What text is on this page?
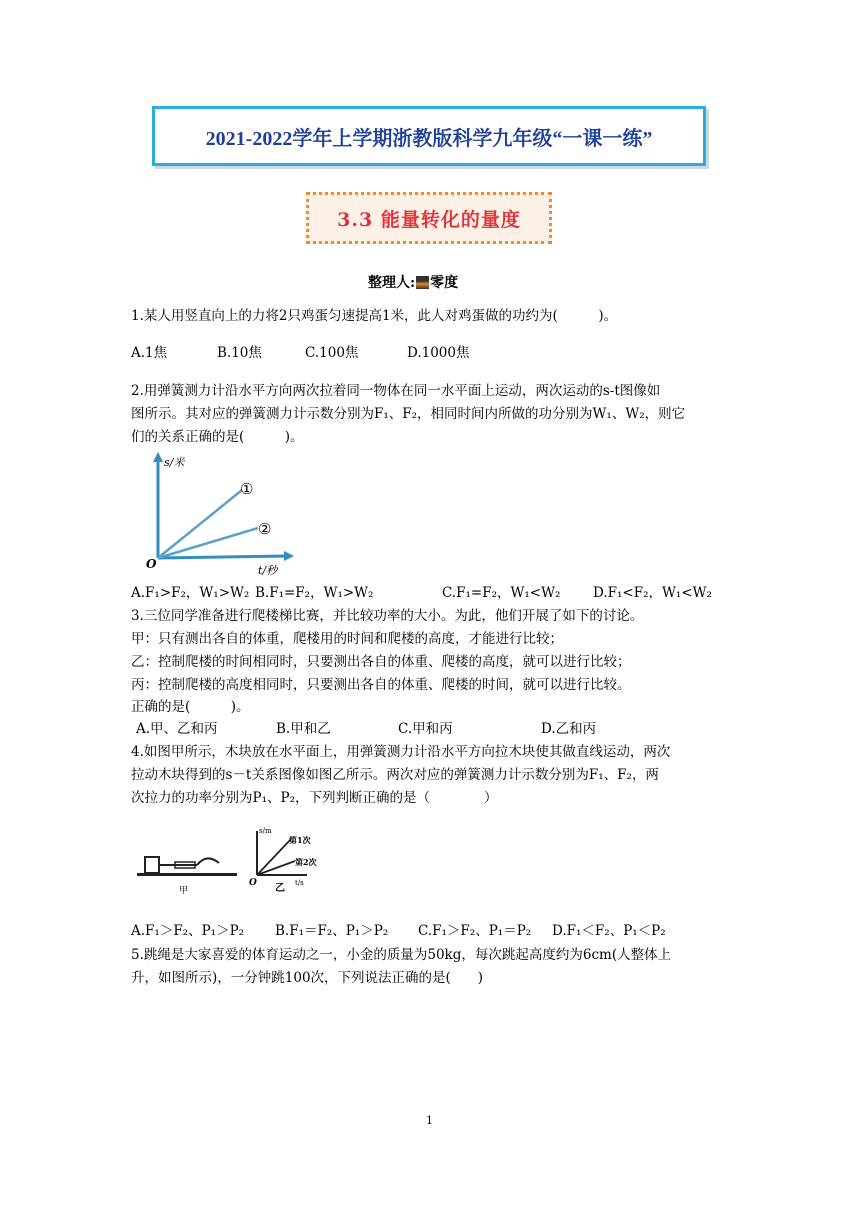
2021-2022学年上学期浙教版科学九年级“一课一练”
3.3 能量转化的量度
整理人: 零度
1.某人用竖直向上的力将2只鸡蛋匀速提高1米，此人对鸡蛋做的功约为(　　　)。
A.1焦	B.10焦	C.100焦	D.1000焦
2.用弹簧测力计沿水平方向两次拉着同一物体在同一水平面上运动，两次运动的s-t图像如
图所示。其对应的弹簧测力计示数分别为F₁、F₂，相同时间内所做的功分别为W₁、W₂，则它
们的关系正确的是(　　　)。
s/米
t/秒
O
①
②
A.F₁>F₂，W₁>W₂ B.F₁=F₂，W₁>W₂	C.F₁=F₂，W₁<W₂ D.F₁<F₂，W₁<W₂
3.三位同学准备进行爬楼梯比赛，并比较功率的大小。为此，他们开展了如下的讨论。
甲：只有测出各自的体重，爬楼用的时间和爬楼的高度，才能进行比较；
乙：控制爬楼的时间相同时，只要测出各自的体重、爬楼的高度，就可以进行比较；
丙：控制爬楼的高度相同时，只要测出各自的体重、爬楼的时间，就可以进行比较。
正确的是(　　　)。
A.甲、乙和丙	B.甲和乙	C.甲和丙	D.乙和丙
4.如图甲所示，木块放在水平面上，用弹簧测力计沿水平方向拉木块使其做直线运动，两次
拉动木块得到的s－t关系图像如图乙所示。两次对应的弹簧测力计示数分别为F₁、F₂，两
次拉力的功率分别为P₁、P₂，下列判断正确的是（　　　　）
甲
s/m
t/s
O
第1次
第2次
乙
A.F₁＞F₂、P₁＞P₂ B.F₁＝F₂、P₁＞P₂ C.F₁＞F₂、P₁＝P₂ D.F₁＜F₂、P₁＜P₂
5.跳绳是大家喜爱的体育运动之一，小金的质量为50kg，每次跳起高度约为6cm(人整体上
升，如图所示)，一分钟跳100次，下列说法正确的是(　　)
1
